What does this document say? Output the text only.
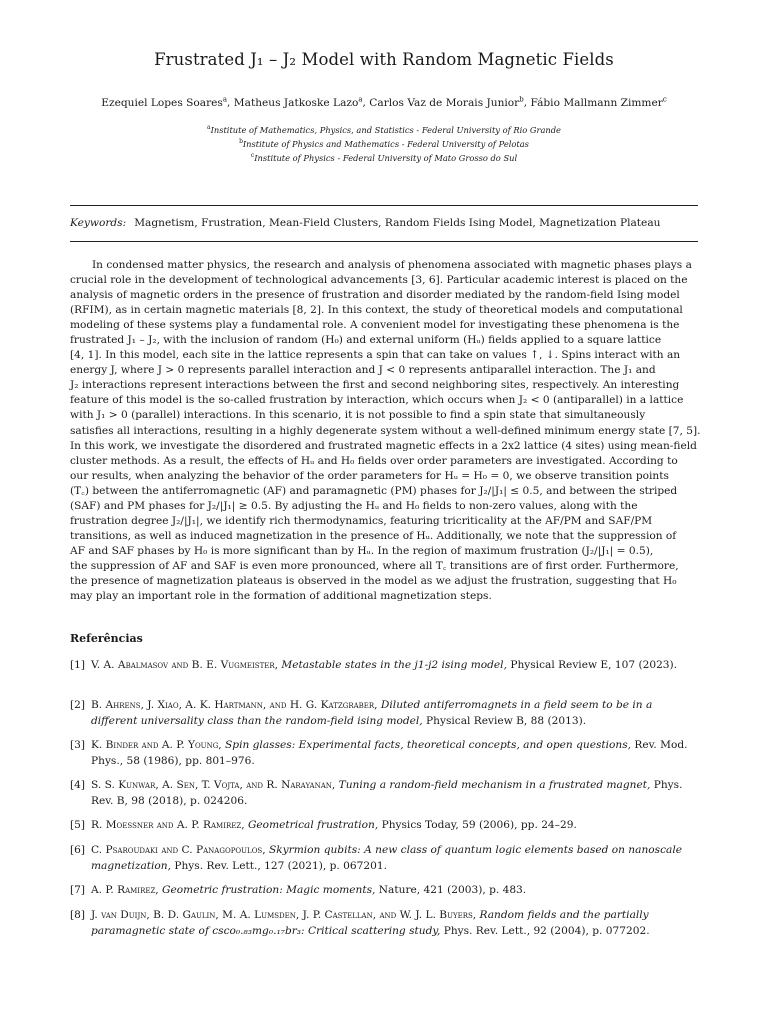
Frustrated J₁ – J₂ Model with Random Magnetic Fields
Ezequiel Lopes Soares$^a$, Matheus Jatkoske Lazo$^a$, Carlos Vaz de Morais Junior$^b$, Fábio Mallmann Zimmer$^c$
$^a$Institute of Mathematics, Physics, and Statistics - Federal University of Rio Grande
$^b$Institute of Physics and Mathematics - Federal University of Pelotas
$^c$Institute of Physics - Federal University of Mato Grosso do Sul
Keywords: Magnetism, Frustration, Mean-Field Clusters, Random Fields Ising Model, Magnetization Plateau
In condensed matter physics, the research and analysis of phenomena associated with magnetic phases plays a
crucial role in the development of technological advancements [3, 6]. Particular academic interest is placed on the
analysis of magnetic orders in the presence of frustration and disorder mediated by the random-field Ising model
(RFIM), as in certain magnetic materials [8, 2]. In this context, the study of theoretical models and computational
modeling of these systems play a fundamental role. A convenient model for investigating these phenomena is the
frustrated J₁ – J₂, with the inclusion of random (H₀) and external uniform (Hᵤ) fields applied to a square lattice
[4, 1]. In this model, each site in the lattice represents a spin that can take on values ↑, ↓. Spins interact with an
energy J, where J > 0 represents parallel interaction and J < 0 represents antiparallel interaction. The J₁ and
J₂ interactions represent interactions between the first and second neighboring sites, respectively. An interesting
feature of this model is the so-called frustration by interaction, which occurs when J₂ < 0 (antiparallel) in a lattice
with J₁ > 0 (parallel) interactions. In this scenario, it is not possible to find a spin state that simultaneously
satisfies all interactions, resulting in a highly degenerate system without a well-defined minimum energy state [7, 5].
In this work, we investigate the disordered and frustrated magnetic effects in a 2x2 lattice (4 sites) using mean-field
cluster methods. As a result, the effects of Hᵤ and H₀ fields over order parameters are investigated. According to
our results, when analyzing the behavior of the order parameters for Hᵤ = H₀ = 0, we observe transition points
(T꜀) between the antiferromagnetic (AF) and paramagnetic (PM) phases for J₂/|J₁| ≤ 0.5, and between the striped
(SAF) and PM phases for J₂/|J₁| ≥ 0.5. By adjusting the Hᵤ and H₀ fields to non-zero values, along with the
frustration degree J₂/|J₁|, we identify rich thermodynamics, featuring tricriticality at the AF/PM and SAF/PM
transitions, as well as induced magnetization in the presence of Hᵤ. Additionally, we note that the suppression of
AF and SAF phases by H₀ is more significant than by Hᵤ. In the region of maximum frustration (J₂/|J₁| = 0.5),
the suppression of AF and SAF is even more pronounced, where all T꜀ transitions are of first order. Furthermore,
the presence of magnetization plateaus is observed in the model as we adjust the frustration, suggesting that H₀
may play an important role in the formation of additional magnetization steps.
Referências
[1] V. A. Abalmasov and B. E. Vugmeister, Metastable states in the j1-j2 ising model, Physical Review E, 107 (2023).
[2] B. Ahrens, J. Xiao, A. K. Hartmann, and H. G. Katzgraber, Diluted antiferromagnets in a field seem to be in a different universality class than the random-field ising model, Physical Review B, 88 (2013).
[3] K. Binder and A. P. Young, Spin glasses: Experimental facts, theoretical concepts, and open questions, Rev. Mod. Phys., 58 (1986), pp. 801–976.
[4] S. S. Kunwar, A. Sen, T. Vojta, and R. Narayanan, Tuning a random-field mechanism in a frustrated magnet, Phys. Rev. B, 98 (2018), p. 024206.
[5] R. Moessner and A. P. Ramirez, Geometrical frustration, Physics Today, 59 (2006), pp. 24–29.
[6] C. Psaroudaki and C. Panagopoulos, Skyrmion qubits: A new class of quantum logic elements based on nanoscale magnetization, Phys. Rev. Lett., 127 (2021), p. 067201.
[7] A. P. Ramirez, Geometric frustration: Magic moments, Nature, 421 (2003), p. 483.
[8] J. van Duijn, B. D. Gaulin, M. A. Lumsden, J. P. Castellan, and W. J. L. Buyers, Random fields and the partially paramagnetic state of csco₀.₈₃mg₀.₁₇br₃: Critical scattering study, Phys. Rev. Lett., 92 (2004), p. 077202.
